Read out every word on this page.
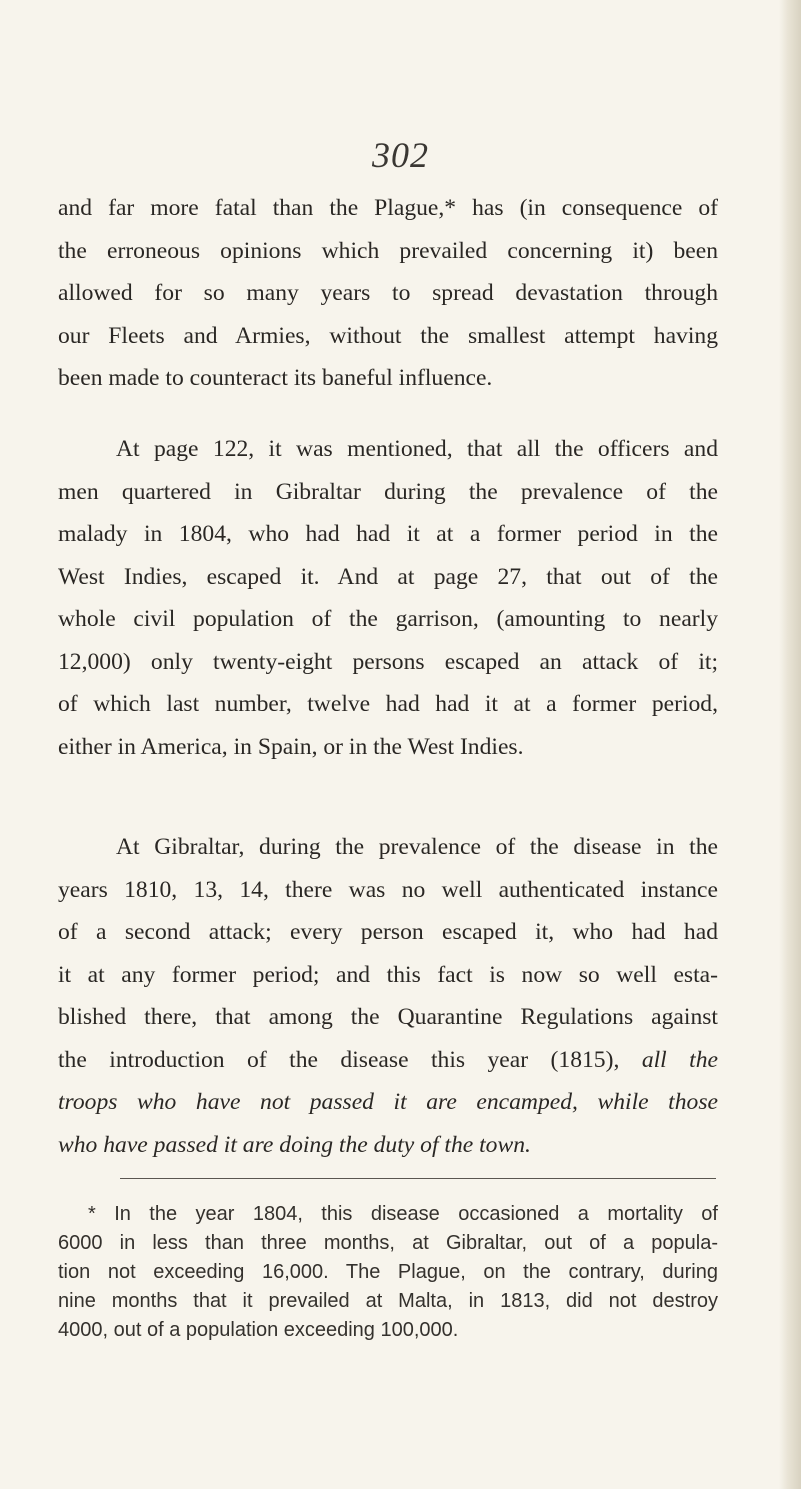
302

and far more fatal than the Plague,* has (in consequence of
the erroneous opinions which prevailed concerning it) been
allowed for so many years to spread devastation through
our Fleets and Armies, without the smallest attempt having
been made to counteract its baneful influence.

At page 122, it was mentioned, that all the officers and
men quartered in Gibraltar during the prevalence of the
malady in 1804, who had had it at a former period in the
West Indies, escaped it. And at page 27, that out of the
whole civil population of the garrison, (amounting to nearly
12,000) only twenty-eight persons escaped an attack of it;
of which last number, twelve had had it at a former period,
either in America, in Spain, or in the West Indies.

At Gibraltar, during the prevalence of the disease in the
years 1810, 13, 14, there was no well authenticated instance
of a second attack; every person escaped it, who had had
it at any former period; and this fact is now so well esta-
blished there, that among the Quarantine Regulations against
the introduction of the disease this year (1815), all the
troops who have not passed it are encamped, while those
who have passed it are doing the duty of the town.

* In the year 1804, this disease occasioned a mortality of
6000 in less than three months, at Gibraltar, out of a popula-
tion not exceeding 16,000. The Plague, on the contrary, during
nine months that it prevailed at Malta, in 1813, did not destroy
4000, out of a population exceeding 100,000.
